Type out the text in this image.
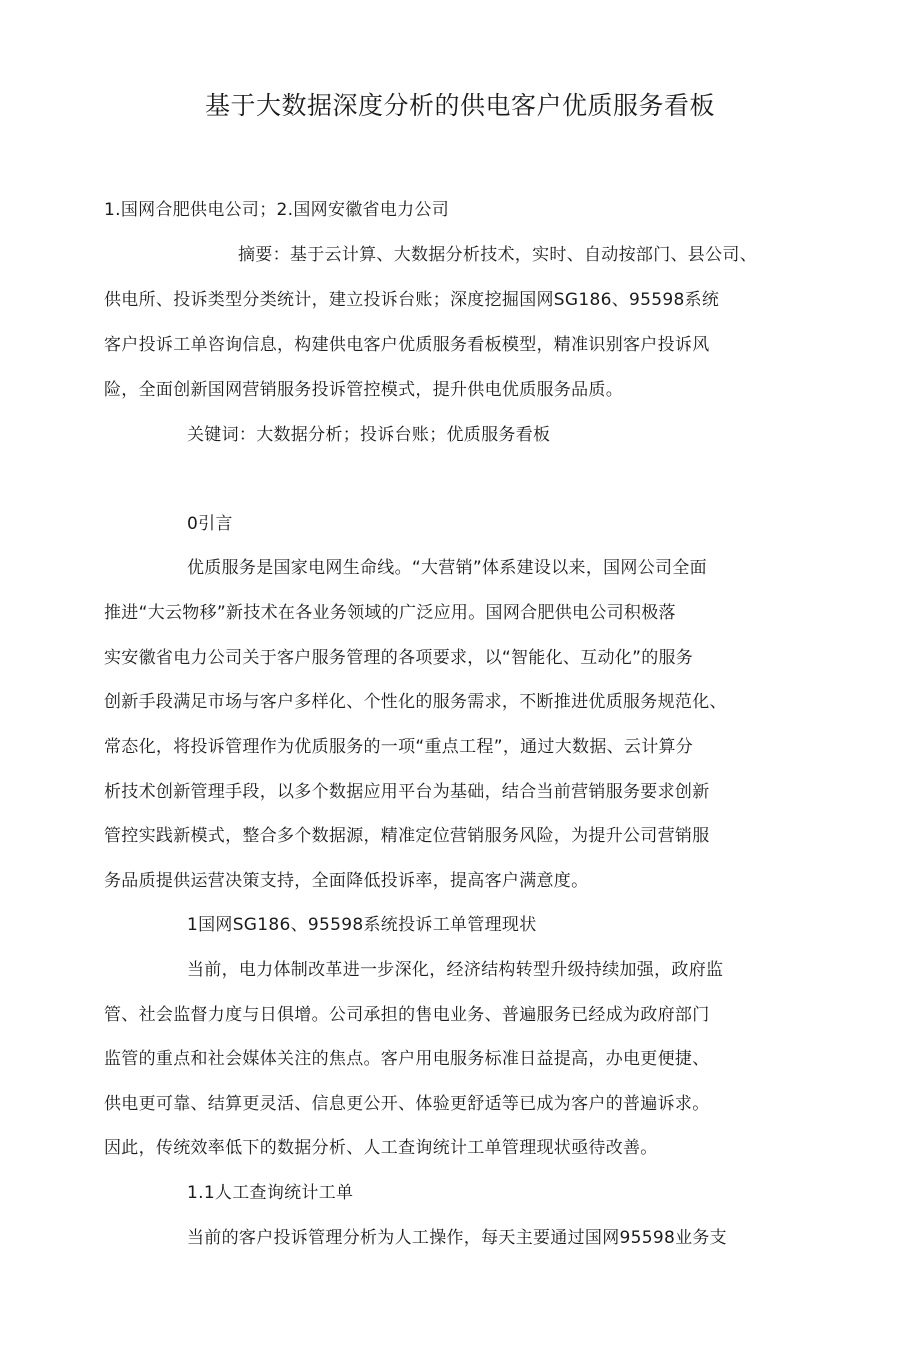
基于大数据深度分析的供电客户优质服务看板
1.国网合肥供电公司；2.国网安徽省电力公司
摘要：基于云计算、大数据分析技术，实时、自动按部门、县公司、
供电所、投诉类型分类统计，建立投诉台账；深度挖掘国网SG186、95598系统
客户投诉工单咨询信息，构建供电客户优质服务看板模型，精准识别客户投诉风
险，全面创新国网营销服务投诉管控模式，提升供电优质服务品质。
关键词：大数据分析；投诉台账；优质服务看板
0引言
优质服务是国家电网生命线。“大营销”体系建设以来，国网公司全面
推进“大云物移”新技术在各业务领域的广泛应用。国网合肥供电公司积极落
实安徽省电力公司关于客户服务管理的各项要求，以“智能化、互动化”的服务
创新手段满足市场与客户多样化、个性化的服务需求，不断推进优质服务规范化、
常态化，将投诉管理作为优质服务的一项“重点工程”，通过大数据、云计算分
析技术创新管理手段，以多个数据应用平台为基础，结合当前营销服务要求创新
管控实践新模式，整合多个数据源，精准定位营销服务风险，为提升公司营销服
务品质提供运营决策支持，全面降低投诉率，提高客户满意度。
1国网SG186、95598系统投诉工单管理现状
当前，电力体制改革进一步深化，经济结构转型升级持续加强，政府监
管、社会监督力度与日俱增。公司承担的售电业务、普遍服务已经成为政府部门
监管的重点和社会媒体关注的焦点。客户用电服务标准日益提高，办电更便捷、
供电更可靠、结算更灵活、信息更公开、体验更舒适等已成为客户的普遍诉求。
因此，传统效率低下的数据分析、人工查询统计工单管理现状亟待改善。
1.1人工查询统计工单
当前的客户投诉管理分析为人工操作，每天主要通过国网95598业务支
